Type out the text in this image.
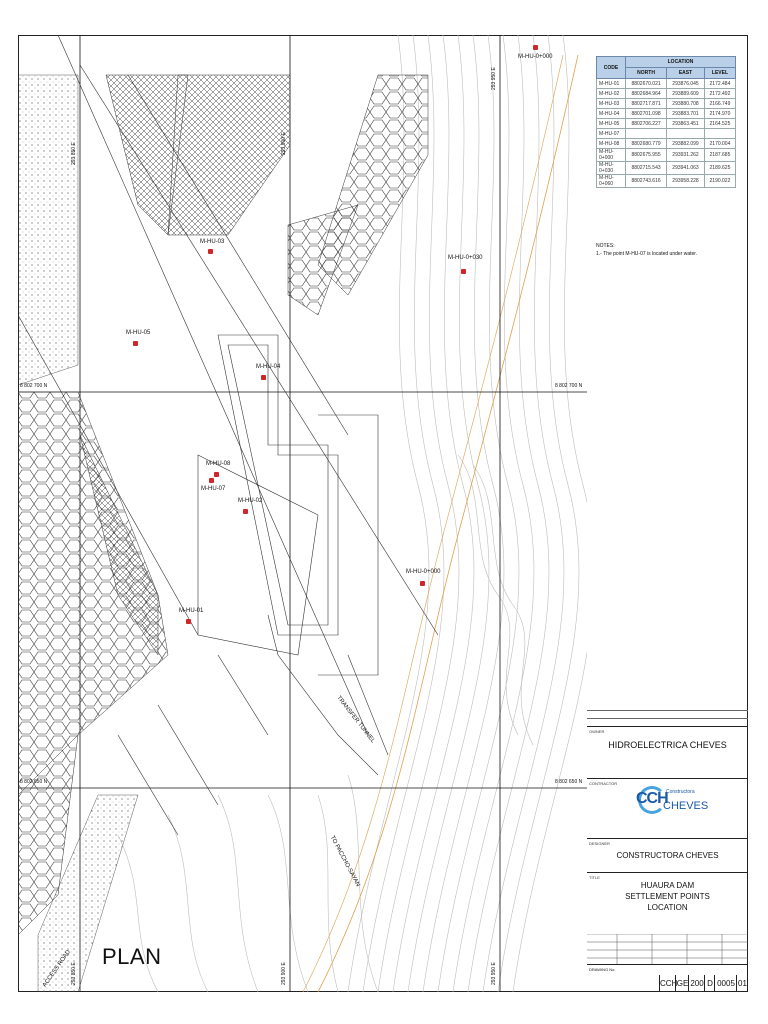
293 850 E	293 900 E
293 950 E
293 850 E	293 900 E	293 950 E
8 802 700 N	8 802 700 N
8 802 650 N	8 802 650 N
ACCESS ROAD
TO PACCHO-SAYAN
TRANSFER TUNNEL
M-HU-0+000
M-HU-03
M-HU-0+030
M-HU-05
M-HU-04
M-HU-08
M-HU-07
M-HU-02
M-HU-0+000
M-HU-01
PLAN
CODE	LOCATION		
	NORTH	EAST	LEVEL
M-HU-01	8802670.021	293876.045	2172.484
M-HU-02	8802684.964	293889.609	2172.492
M-HU-03	8802717.871	293880.708	2166.749
M-HU-04	8802701.098	293883.701	2174.970
M-HU-05	8802706.227	293863.451	2164.525
M-HU-07			
M-HU-08	8802680.779	293882.099	2170.004
M-HU-0+000	8802675.955	293931.262	2187.685
M-HU-0+030	8802715.543	293941.063	2189.625
M-HU-0+060	8802743.616	293958.228	2190.022
NOTES:
1.- The point M-HU-07 is located under water.
OWNER
HIDROELECTRICA CHEVES
CONTRACTOR
Constructora
CCH
CHEVES
DESIGNER
CONSTRUCTORA CHEVES
TITLE
HUAURA DAM
SETTLEMENT POINTS
LOCATION
DRAWING No.
CCH GE 200 D 0005 01
